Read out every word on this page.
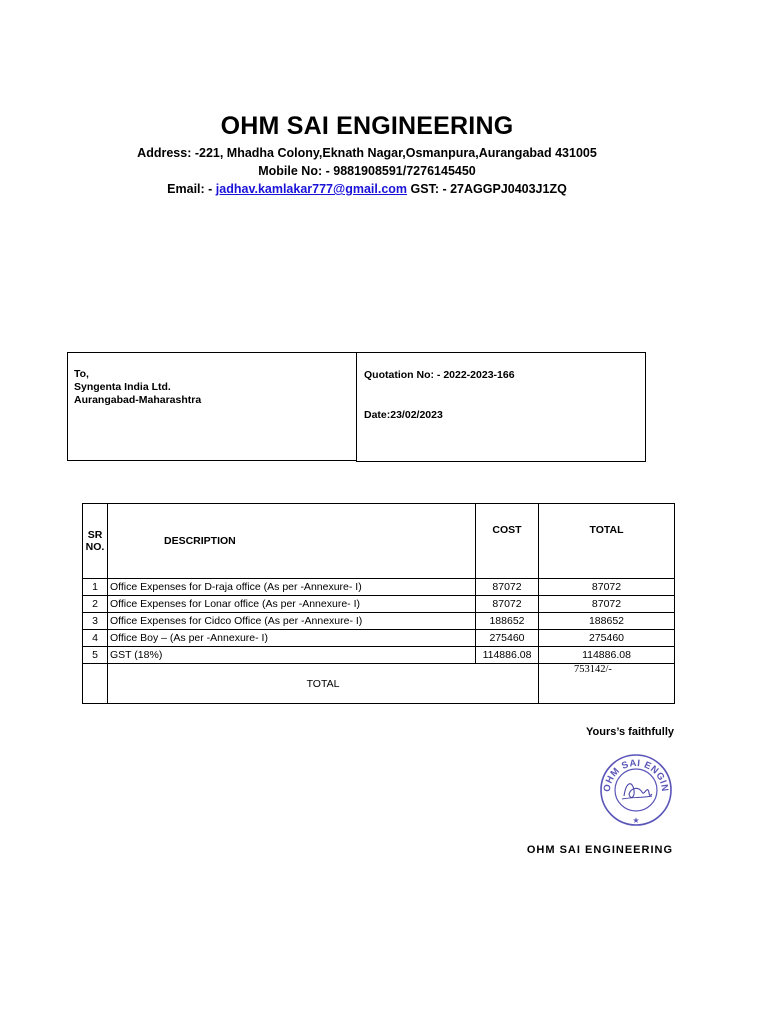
OHM SAI ENGINEERING
Address: -221, Mhadha Colony,Eknath Nagar,Osmanpura,Aurangabad 431005
Mobile No: - 9881908591/7276145450
Email: - jadhav.kamlakar777@gmail.com GST: - 27AGGPJ0403J1ZQ
To,
Syngenta India Ltd.
Aurangabad-Maharashtra
Quotation No: - 2022-2023-166
Date:23/02/2023
SR
NO.	DESCRIPTION	COST	TOTAL
1	Office Expenses for D-raja office (As per -Annexure- I)	87072	87072
2	Office Expenses for Lonar office (As per -Annexure- I)	87072	87072
3	Office Expenses for Cidco Office (As per -Annexure- I)	188652	188652
4	Office Boy – (As per -Annexure- I)	275460	275460
5	GST (18%)	114886.08	114886.08
	TOTAL		753142/-
Yours’s faithfully
OHM SAI ENGIN
★
OHM SAI ENGINEERING
